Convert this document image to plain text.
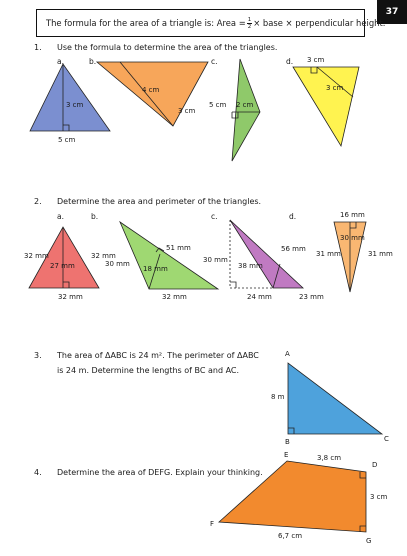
37
The formula for the area of a triangle is: Area = $\frac{1}{2}$ × base × perpendicular height.
1. Use the formula to determine the area of the triangles.
a.	b.	c.	d.
2. Determine the area and perimeter of the triangles.
a.	b.	c.	d.
3. The area of ΔABC is 24 m². The perimeter of ΔABC
is 24 m. Determine the lengths of BC and AC.
4. Determine the area of DEFG. Explain your thinking.
3 cm
5 cm
4 cm
3 cm
5 cm 2 cm
3 cm
3 cm
32 mm	32 mm
27 mm
32 mm
51 mm
30 mm
18 mm
32 mm
30 mm
56 mm
38 mm
24 mm	23 mm
16 mm
30 mm
31 mm	31 mm
A
B	C
8 m
E
D
F
G
3,8 cm
3 cm
6,7 cm
